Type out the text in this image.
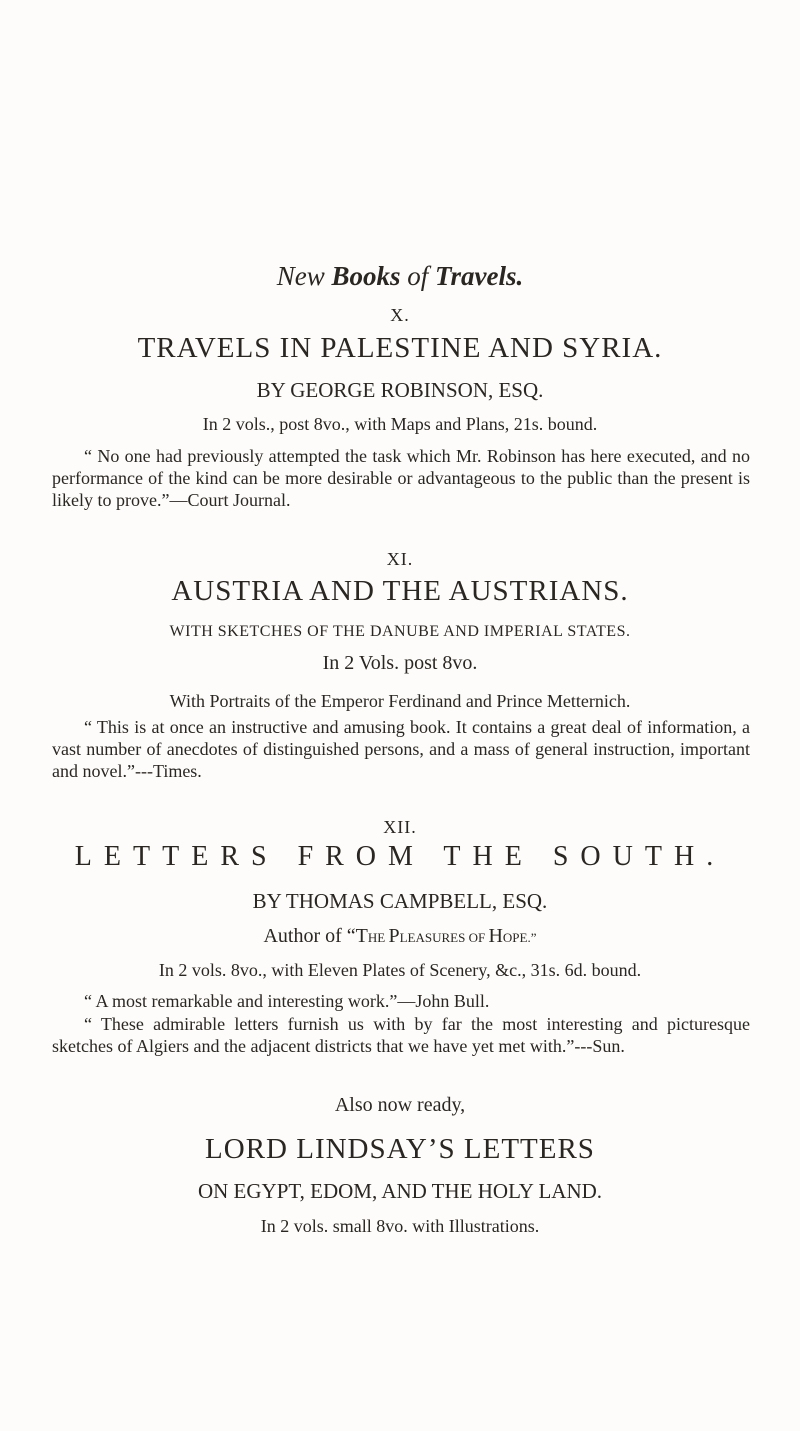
New Books of Travels.
X.
TRAVELS IN PALESTINE AND SYRIA.
BY GEORGE ROBINSON, ESQ.
In 2 vols., post 8vo., with Maps and Plans, 21s. bound.
“ No one had previously attempted the task which Mr. Robinson has here executed, and no performance of the kind can be more desirable or advantageous to the public than the present is likely to prove.”—Court Journal.
XI.
AUSTRIA AND THE AUSTRIANS.
WITH SKETCHES OF THE DANUBE AND IMPERIAL STATES.
In 2 Vols. post 8vo.
With Portraits of the Emperor Ferdinand and Prince Metternich.
“ This is at once an instructive and amusing book. It contains a great deal of information, a vast number of anecdotes of distinguished persons, and a mass of general instruction, important and novel.”---Times.
XII.
LETTERS FROM THE SOUTH.
BY THOMAS CAMPBELL, ESQ.
Author of “THE PLEASURES OF HOPE.”
In 2 vols. 8vo., with Eleven Plates of Scenery, &c., 31s. 6d. bound.
“ A most remarkable and interesting work.”—John Bull.
“ These admirable letters furnish us with by far the most interesting and picturesque sketches of Algiers and the adjacent districts that we have yet met with.”---Sun.
Also now ready,
LORD LINDSAY’S LETTERS
ON EGYPT, EDOM, AND THE HOLY LAND.
In 2 vols. small 8vo. with Illustrations.
